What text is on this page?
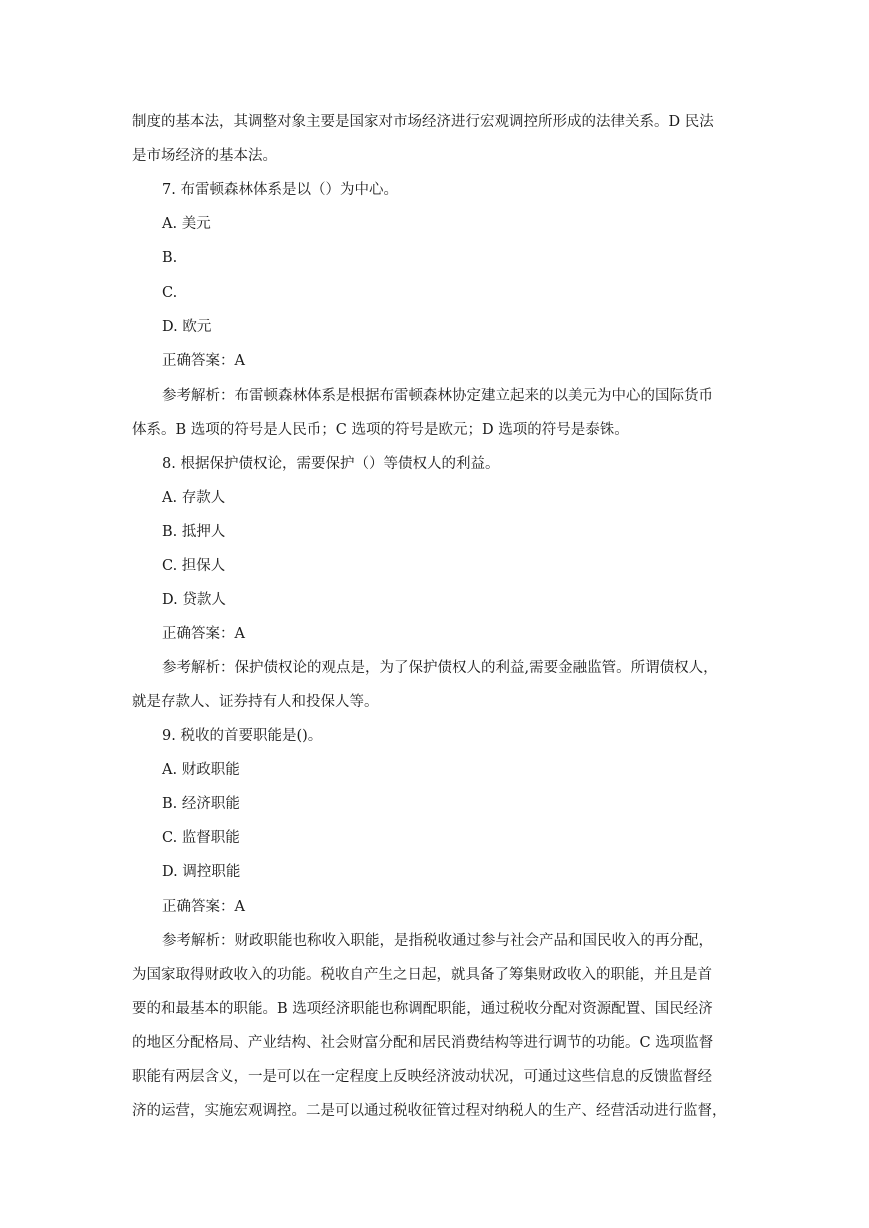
制度的基本法，其调整对象主要是国家对市场经济进行宏观调控所形成的法律关系。D 民法
是市场经济的基本法。
7. 布雷顿森林体系是以（）为中心。
A. 美元
B.
C.
D. 欧元
正确答案：A
参考解析：布雷顿森林体系是根据布雷顿森林协定建立起来的以美元为中心的国际货币
体系。B 选项的符号是人民币；C 选项的符号是欧元；D 选项的符号是泰铢。
8. 根据保护债权论，需要保护（）等债权人的利益。
A. 存款人
B. 抵押人
C. 担保人
D. 贷款人
正确答案：A
参考解析：保护债权论的观点是，为了保护债权人的利益,需要金融监管。所谓债权人，
就是存款人、证券持有人和投保人等。
9. 税收的首要职能是()。
A. 财政职能
B. 经济职能
C. 监督职能
D. 调控职能
正确答案：A
参考解析：财政职能也称收入职能，是指税收通过参与社会产品和国民收入的再分配，
为国家取得财政收入的功能。税收自产生之日起，就具备了筹集财政收入的职能，并且是首
要的和最基本的职能。B 选项经济职能也称调配职能，通过税收分配对资源配置、国民经济
的地区分配格局、产业结构、社会财富分配和居民消费结构等进行调节的功能。C 选项监督
职能有两层含义，一是可以在一定程度上反映经济波动状况，可通过这些信息的反馈监督经
济的运营，实施宏观调控。二是可以通过税收征管过程对纳税人的生产、经营活动进行监督，
